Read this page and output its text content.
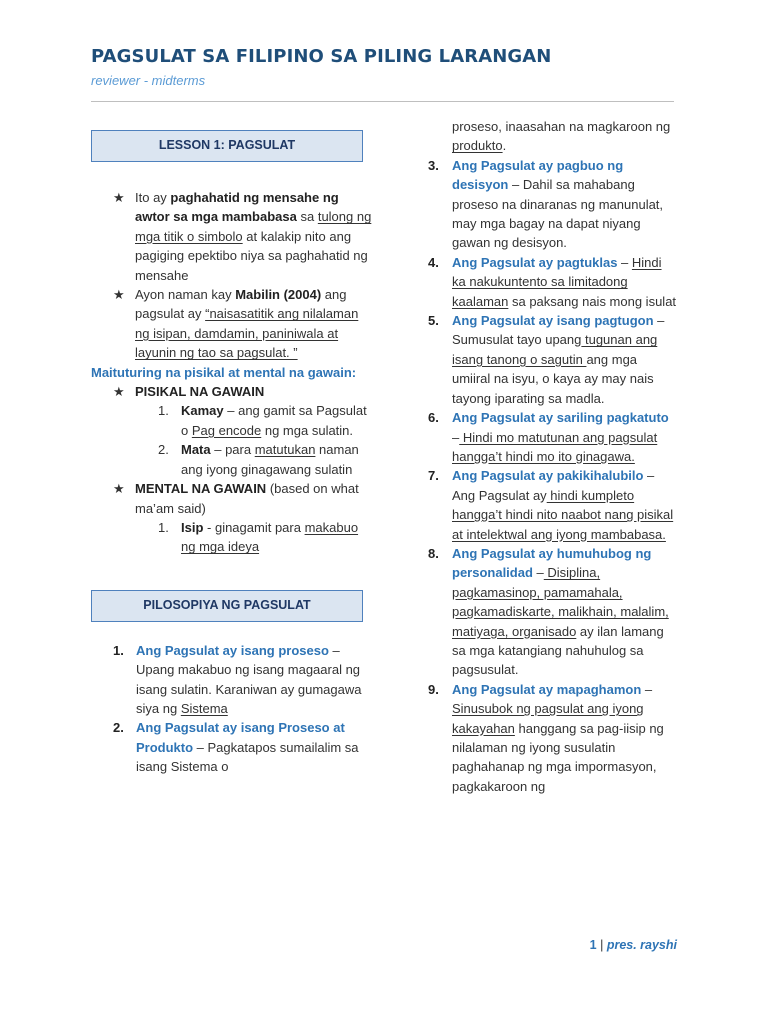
PAGSULAT SA FILIPINO SA PILING LARANGAN
reviewer - midterms
LESSON 1: PAGSULAT
★ Ito ay paghahatid ng mensahe ng awtor sa mga mambabasa sa tulong ng mga titik o simbolo at kalakip nito ang pagiging epektibo niya sa paghahatid ng mensahe
★ Ayon naman kay Mabilin (2004) ang pagsulat ay “naisasatitik ang nilalaman ng isipan, damdamin, paniniwala at layunin ng tao sa pagsulat. ”
Maituturing na pisikal at mental na gawain:
★ PISIKAL NA GAWAIN
1. Kamay – ang gamit sa Pagsulat o Pag encode ng mga sulatin.
2. Mata – para matutukan naman ang iyong ginagawang sulatin
★ MENTAL NA GAWAIN (based on what ma’am said)
1. Isip - ginagamit para makabuo ng mga ideya
PILOSOPIYA NG PAGSULAT
1. Ang Pagsulat ay isang proseso – Upang makabuo ng isang magaaral ng isang sulatin. Karaniwan ay gumagawa siya ng Sistema
2. Ang Pagsulat ay isang Proseso at Produkto – Pagkatapos sumailalim sa isang Sistema o
proseso, inaasahan na magkaroon ng produkto.
3. Ang Pagsulat ay pagbuo ng desisyon – Dahil sa mahabang proseso na dinaranas ng manunulat, may mga bagay na dapat niyang gawan ng desisyon.
4. Ang Pagsulat ay pagtuklas – Hindi ka nakukuntento sa limitadong kaalaman sa paksang nais mong isulat
5. Ang Pagsulat ay isang pagtugon – Sumusulat tayo upang tugunan ang isang tanong o sagutin ang mga umiiral na isyu, o kaya ay may nais tayong iparating sa madla.
6. Ang Pagsulat ay sariling pagkatuto – Hindi mo matutunan ang pagsulat hangga’t hindi mo ito ginagawa.
7. Ang Pagsulat ay pakikihalubilo – Ang Pagsulat ay hindi kumpleto hangga’t hindi nito naabot nang pisikal at intelektwal ang iyong mambabasa.
8. Ang Pagsulat ay humuhubog ng personalidad – Disiplina, pagkamasinop, pamamahala, pagkamadiskarte, malikhain, malalim, matiyaga, organisado ay ilan lamang sa mga katangiang nahuhulog sa pagsusulat.
9. Ang Pagsulat ay mapaghamon – Sinusubok ng pagsulat ang iyong kakayahan hanggang sa pag-iisip ng nilalaman ng iyong susulatin paghahanap ng mga impormasyon, pagkakaroon ng
1 | pres. rayshi
